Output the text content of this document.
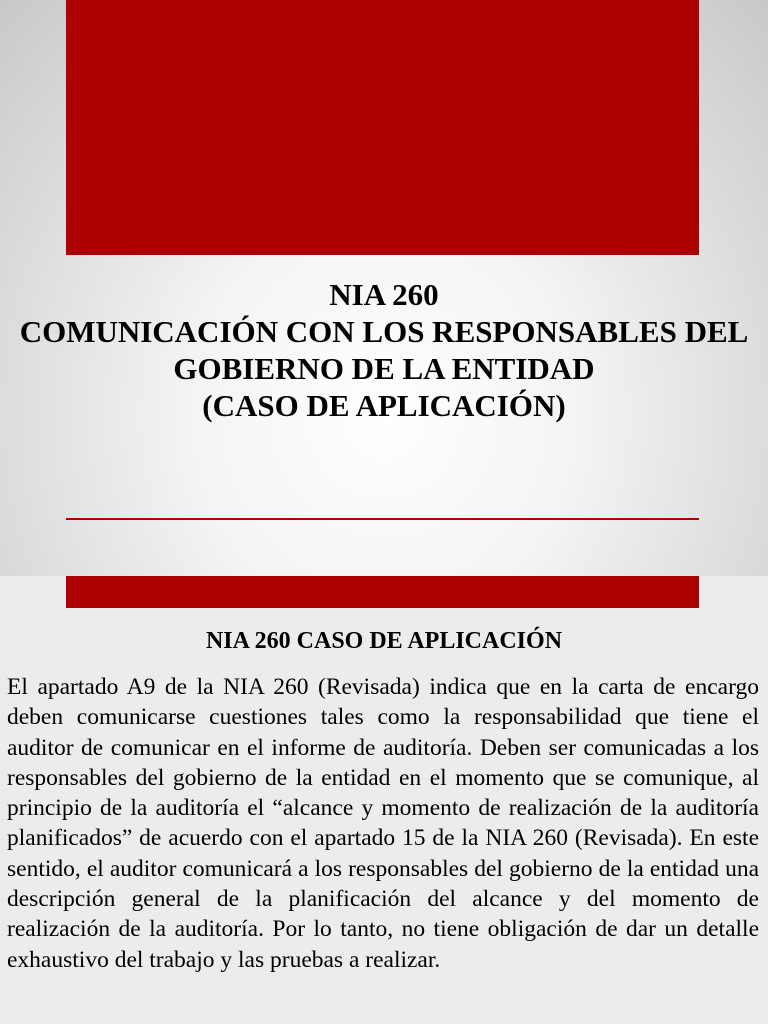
NIA 260
COMUNICACIÓN CON LOS RESPONSABLES DEL
GOBIERNO DE LA ENTIDAD
(CASO DE APLICACIÓN)
NIA 260 CASO DE APLICACIÓN
El apartado A9 de la NIA 260 (Revisada) indica que en la carta de encargo deben comunicarse cuestiones tales como la responsabilidad que tiene el auditor de comunicar en el informe de auditoría. Deben ser comunicadas a los responsables del gobierno de la entidad en el momento que se comunique, al principio de la auditoría el “alcance y momento de realización de la auditoría planificados” de acuerdo con el apartado 15 de la NIA 260 (Revisada). En este sentido, el auditor comunicará a los responsables del gobierno de la entidad una descripción general de la planificación del alcance y del momento de realización de la auditoría. Por lo tanto, no tiene obligación de dar un detalle exhaustivo del trabajo y las pruebas a realizar.
